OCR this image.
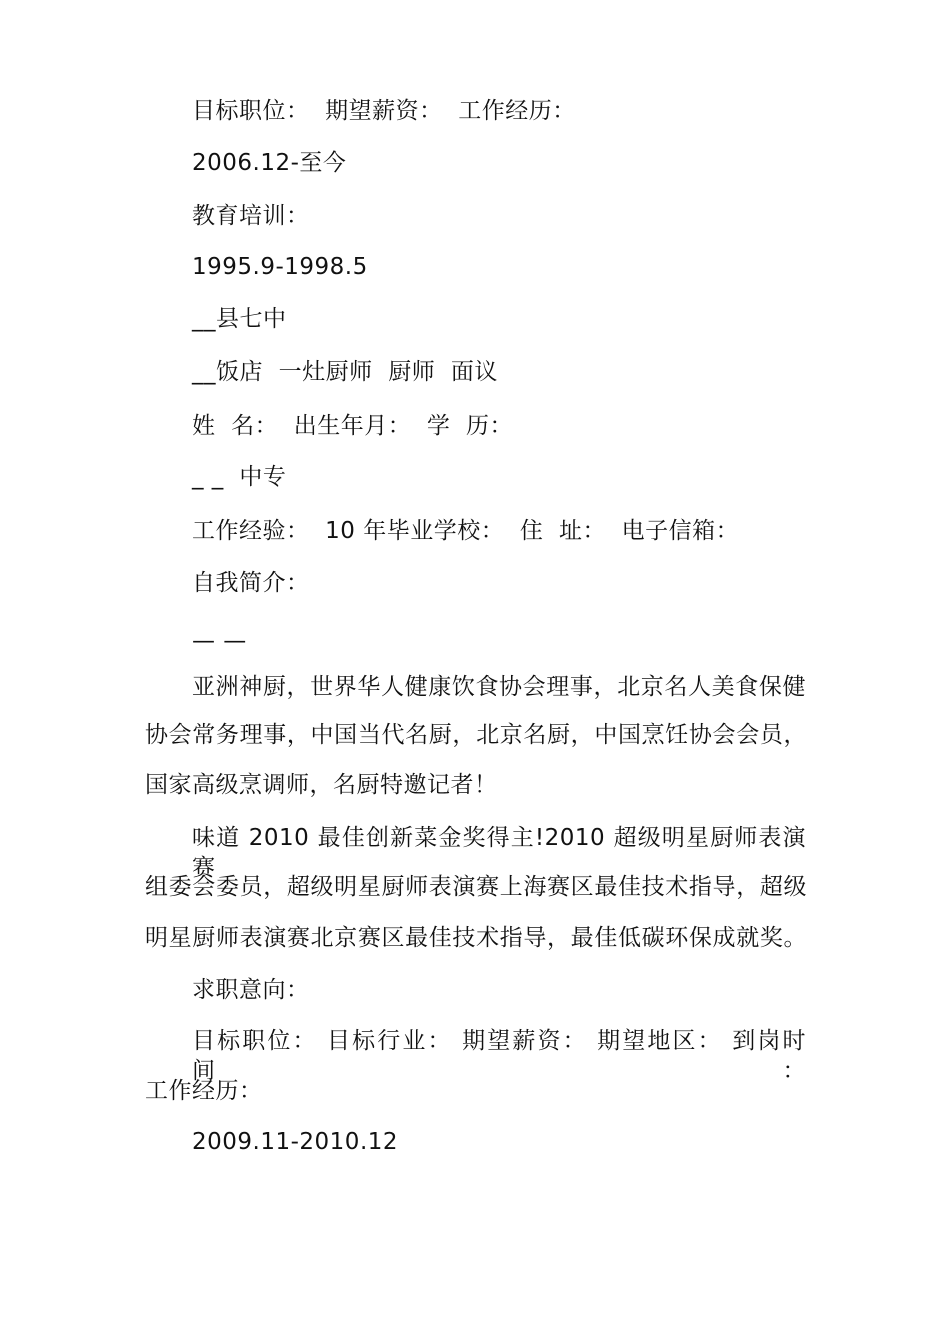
目标职位：  期望薪资：  工作经历：
2006.12-至今
教育培训：
1995.9-1998.5
__县七中
__饭店  一灶厨师  厨师  面议
姓  名：  出生年月：  学  历：
_ _  中专
工作经验：  10 年毕业学校：  住  址：  电子信箱：
自我简介：
— —
亚洲神厨，世界华人健康饮食协会理事，北京名人美食保健
协会常务理事，中国当代名厨，北京名厨，中国烹饪协会会员，
国家高级烹调师，名厨特邀记者！
味道 2010 最佳创新菜金奖得主!2010 超级明星厨师表演赛
组委会委员，超级明星厨师表演赛上海赛区最佳技术指导，超级
明星厨师表演赛北京赛区最佳技术指导，最佳低碳环保成就奖。
求职意向：
目标职位： 目标行业： 期望薪资： 期望地区： 到岗时间：
工作经历：
2009.11-2010.12
